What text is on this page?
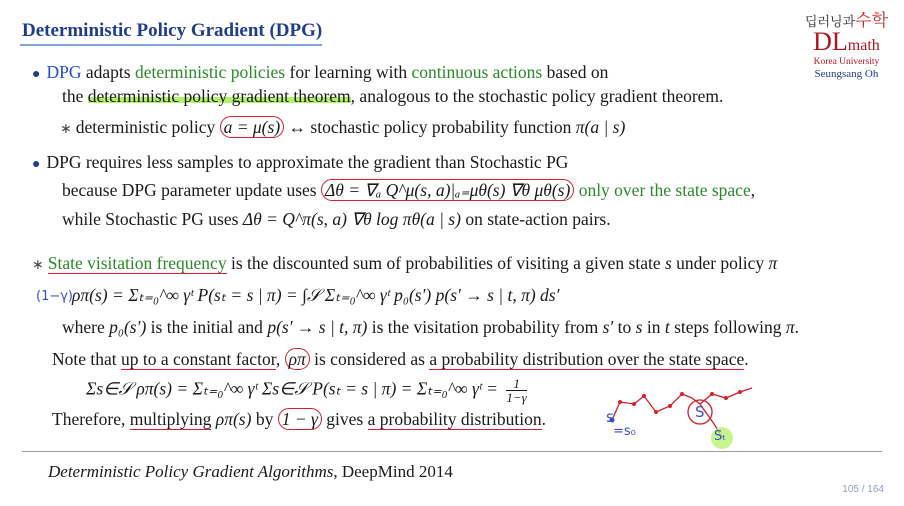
Deterministic Policy Gradient (DPG)	딥러닝과수학
DLmath
Korea University
Seungsang Oh
● DPG adapts deterministic policies for learning with continuous actions based on
the deterministic policy gradient theorem, analogous to the stochastic policy gradient theorem.
∗ deterministic policy a = μ(s) ↔ stochastic policy probability function π(a | s)
● DPG requires less samples to approximate the gradient than Stochastic PG
because DPG parameter update uses Δθ = ∇ₐ Q^μ(s, a)|ₐ₌μθ(s) ∇θ μθ(s) only over the state space,
while Stochastic PG uses Δθ = Q^π(s, a) ∇θ log πθ(a | s) on state-action pairs.
∗ State visitation frequency is the discounted sum of probabilities of visiting a given state s under policy π
ρπ(s) = Σₜ₌₀^∞ γᵗ P(sₜ = s | π) = ∫𝒮 Σₜ₌₀^∞ γᵗ p₀(s′) p(s′ → s | t, π) ds′
where p₀(s′) is the initial and p(s′ → s | t, π) is the visitation probability from s′ to s in t steps following π.
Note that up to a constant factor, ρπ is considered as a probability distribution over the state space.
Σs∈𝒮 ρπ(s) = Σₜ₌₀^∞ γᵗ Σs∈𝒮 P(sₜ = s | π) = Σₜ₌₀^∞ γᵗ = $\frac{1}{1-\gamma}$
Therefore, multiplying ρπ(s) by 1 − γ gives a probability distribution.
(1−γ)
s′
=s₀
S
Sₜ
Deterministic Policy Gradient Algorithms, DeepMind 2014
105 / 164
